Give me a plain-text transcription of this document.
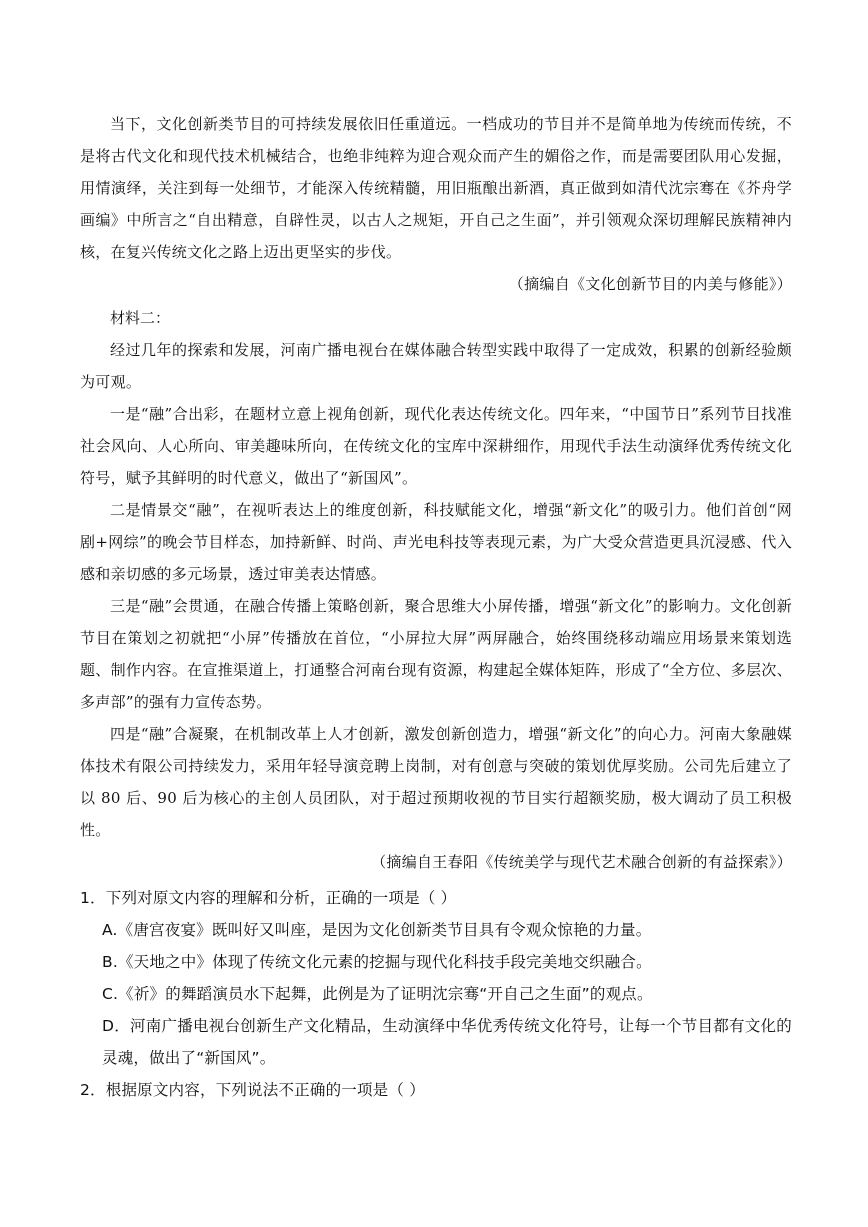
当下，文化创新类节目的可持续发展依旧任重道远。一档成功的节目并不是简单地为传统而传统，不是将古代文化和现代技术机械结合，也绝非纯粹为迎合观众而产生的媚俗之作，而是需要团队用心发掘，用情演绎，关注到每一处细节，才能深入传统精髓，用旧瓶酿出新酒，真正做到如清代沈宗骞在《芥舟学画编》中所言之“自出精意，自辟性灵，以古人之规矩，开自己之生面”，并引领观众深切理解民族精神内核，在复兴传统文化之路上迈出更坚实的步伐。

（摘编自《文化创新节目的内美与修能》）

材料二：

经过几年的探索和发展，河南广播电视台在媒体融合转型实践中取得了一定成效，积累的创新经验颇为可观。

一是“融”合出彩，在题材立意上视角创新，现代化表达传统文化。四年来，“中国节日”系列节目找准社会风向、人心所向、审美趣味所向，在传统文化的宝库中深耕细作，用现代手法生动演绎优秀传统文化符号，赋予其鲜明的时代意义，做出了“新国风”。

二是情景交“融”，在视听表达上的维度创新，科技赋能文化，增强“新文化”的吸引力。他们首创“网剧+网综”的晚会节目样态，加持新鲜、时尚、声光电科技等表现元素，为广大受众营造更具沉浸感、代入感和亲切感的多元场景，透过审美表达情感。

三是“融”会贯通，在融合传播上策略创新，聚合思维大小屏传播，增强“新文化”的影响力。文化创新节目在策划之初就把“小屏”传播放在首位，“小屏拉大屏”两屏融合，始终围绕移动端应用场景来策划选题、制作内容。在宣推渠道上，打通整合河南台现有资源，构建起全媒体矩阵，形成了“全方位、多层次、多声部”的强有力宣传态势。

四是“融”合凝聚，在机制改革上人才创新，激发创新创造力，增强“新文化”的向心力。河南大象融媒体技术有限公司持续发力，采用年轻导演竞聘上岗制，对有创意与突破的策划优厚奖励。公司先后建立了以 80 后、90 后为核心的主创人员团队，对于超过预期收视的节目实行超额奖励，极大调动了员工积极性。

（摘编自王春阳《传统美学与现代艺术融合创新的有益探索》）

1．下列对原文内容的理解和分析，正确的一项是（ ）

A.《唐宫夜宴》既叫好又叫座，是因为文化创新类节目具有令观众惊艳的力量。

B.《天地之中》体现了传统文化元素的挖掘与现代化科技手段完美地交织融合。

C.《祈》的舞蹈演员水下起舞，此例是为了证明沈宗骞“开自己之生面”的观点。

D．河南广播电视台创新生产文化精品，生动演绎中华优秀传统文化符号，让每一个节目都有文化的灵魂，做出了“新国风”。

2．根据原文内容，下列说法不正确的一项是（ ）
